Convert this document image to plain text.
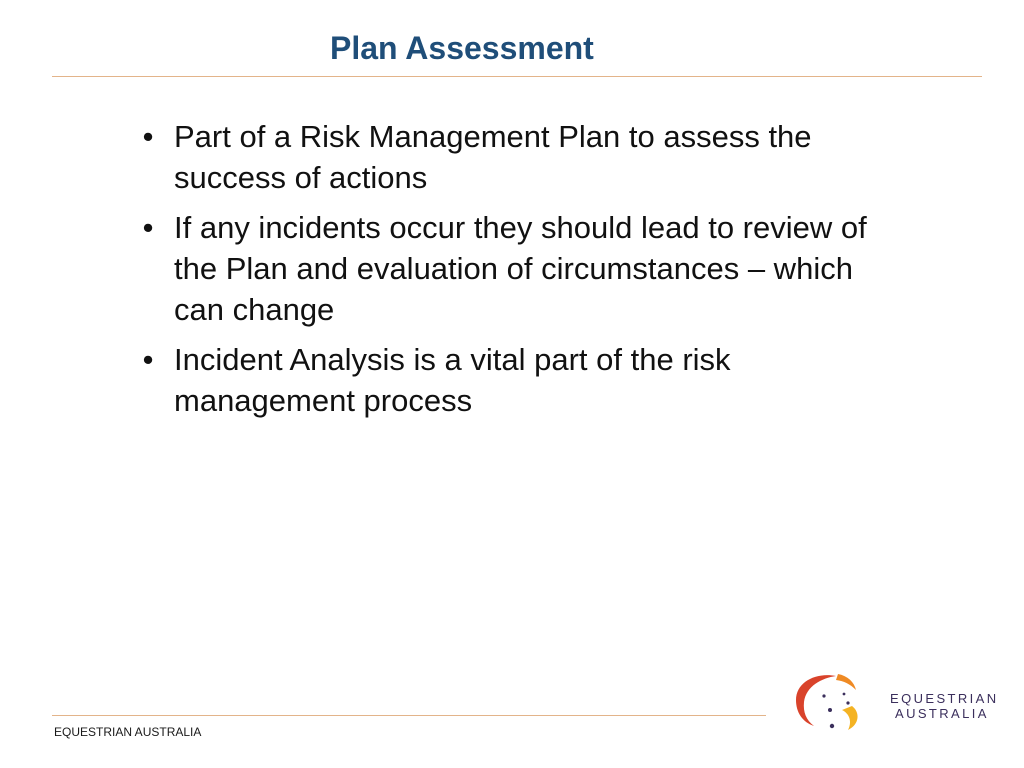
Plan Assessment
• Part of a Risk Management Plan to assess the success of actions
• If any incidents occur they should lead to review of the Plan and evaluation of circumstances – which can change
• Incident Analysis is a vital part of the risk management process
EQUESTRIAN AUSTRALIA
EQUESTRIAN
AUSTRALIA
